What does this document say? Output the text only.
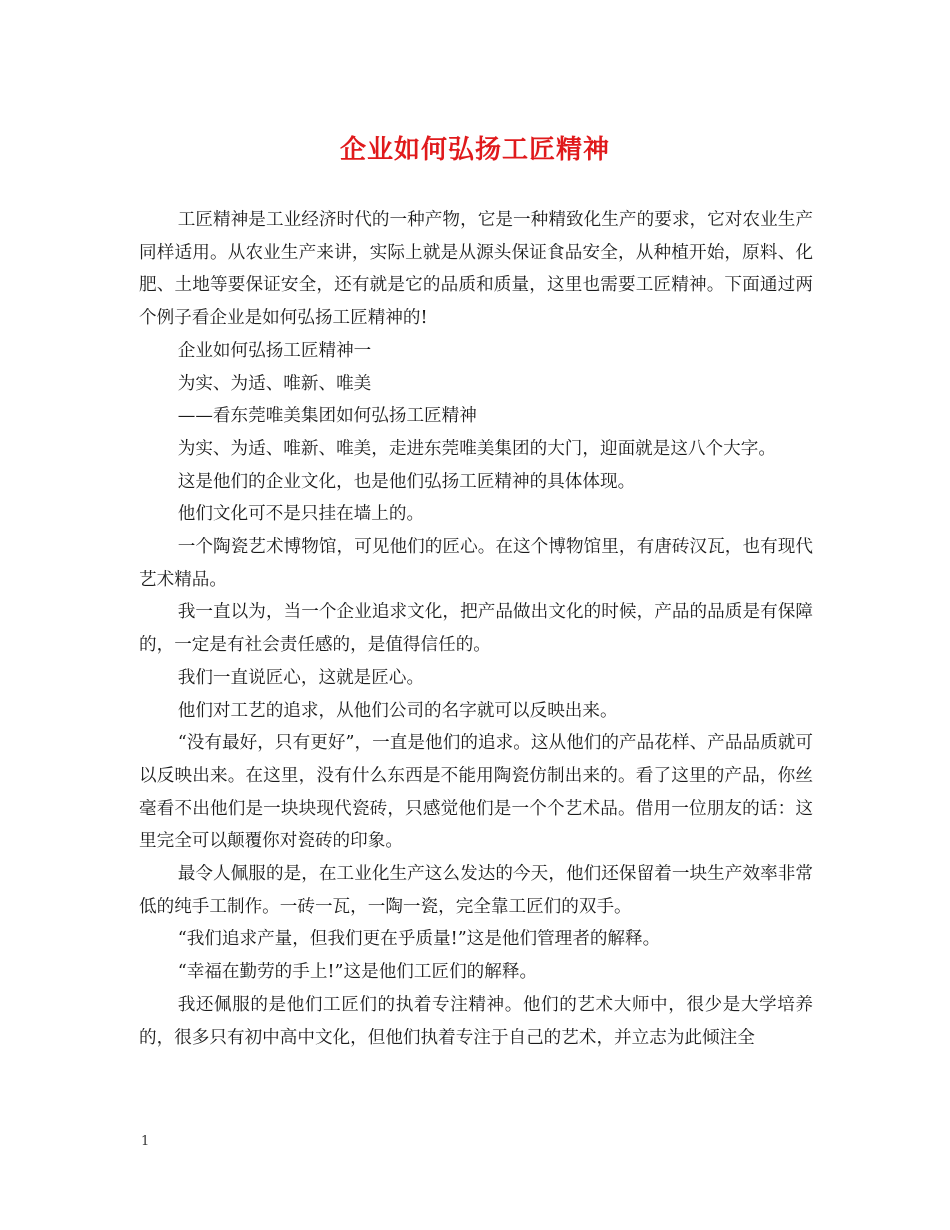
企业如何弘扬工匠精神

工匠精神是工业经济时代的一种产物，它是一种精致化生产的要求，它对农业生产同样适用。从农业生产来讲，实际上就是从源头保证食品安全，从种植开始，原料、化肥、土地等要保证安全，还有就是它的品质和质量，这里也需要工匠精神。下面通过两个例子看企业是如何弘扬工匠精神的!

企业如何弘扬工匠精神一

为实、为适、唯新、唯美

——看东莞唯美集团如何弘扬工匠精神

为实、为适、唯新、唯美，走进东莞唯美集团的大门，迎面就是这八个大字。

这是他们的企业文化，也是他们弘扬工匠精神的具体体现。

他们文化可不是只挂在墙上的。

一个陶瓷艺术博物馆，可见他们的匠心。在这个博物馆里，有唐砖汉瓦，也有现代艺术精品。

我一直以为，当一个企业追求文化，把产品做出文化的时候，产品的品质是有保障的，一定是有社会责任感的，是值得信任的。

我们一直说匠心，这就是匠心。

他们对工艺的追求，从他们公司的名字就可以反映出来。

“没有最好，只有更好”，一直是他们的追求。这从他们的产品花样、产品品质就可以反映出来。在这里，没有什么东西是不能用陶瓷仿制出来的。看了这里的产品，你丝毫看不出他们是一块块现代瓷砖，只感觉他们是一个个艺术品。借用一位朋友的话：这里完全可以颠覆你对瓷砖的印象。

最令人佩服的是，在工业化生产这么发达的今天，他们还保留着一块生产效率非常低的纯手工制作。一砖一瓦，一陶一瓷，完全靠工匠们的双手。

“我们追求产量，但我们更在乎质量!”这是他们管理者的解释。

“幸福在勤劳的手上!”这是他们工匠们的解释。

我还佩服的是他们工匠们的执着专注精神。他们的艺术大师中，很少是大学培养的，很多只有初中高中文化，但他们执着专注于自己的艺术，并立志为此倾注全

1
